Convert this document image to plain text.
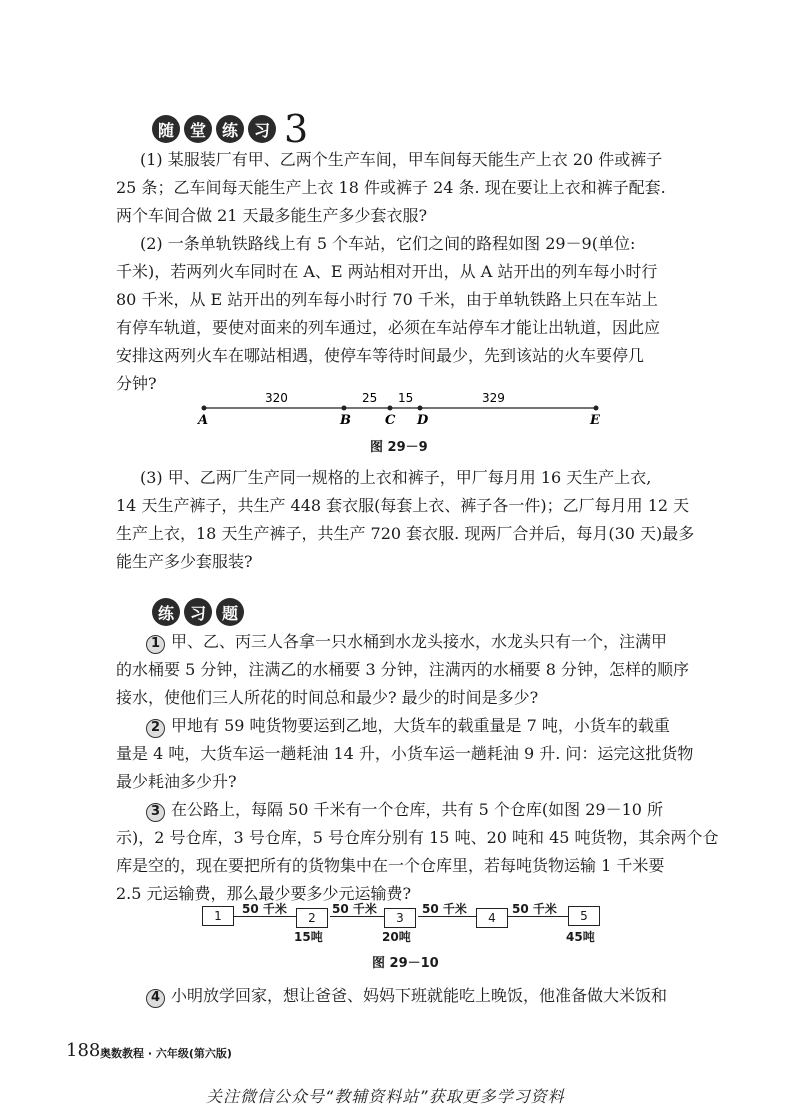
随 堂 练 习 3
(1) 某服装厂有甲、乙两个生产车间，甲车间每天能生产上衣 20 件或裤子
25 条；乙车间每天能生产上衣 18 件或裤子 24 条. 现在要让上衣和裤子配套.
两个车间合做 21 天最多能生产多少套衣服?
(2) 一条单轨铁路线上有 5 个车站，它们之间的路程如图 29－9(单位:
千米)，若两列火车同时在 A、E 两站相对开出，从 A 站开出的列车每小时行
80 千米，从 E 站开出的列车每小时行 70 千米，由于单轨铁路上只在车站上
有停车轨道，要使对面来的列车通过，必须在车站停车才能让出轨道，因此应
安排这两列火车在哪站相遇，使停车等待时间最少，先到该站的火车要停几
分钟?
320	25 15	329
A	B	C D	E
图 29－9
(3) 甲、乙两厂生产同一规格的上衣和裤子，甲厂每月用 16 天生产上衣,
14 天生产裤子，共生产 448 套衣服(每套上衣、裤子各一件)；乙厂每月用 12 天
生产上衣，18 天生产裤子，共生产 720 套衣服. 现两厂合并后，每月(30 天)最多
能生产多少套服装?
练 习 题
1 甲、乙、丙三人各拿一只水桶到水龙头接水，水龙头只有一个，注满甲
的水桶要 5 分钟，注满乙的水桶要 3 分钟，注满丙的水桶要 8 分钟，怎样的顺序
接水，使他们三人所花的时间总和最少? 最少的时间是多少?
2 甲地有 59 吨货物要运到乙地，大货车的载重量是 7 吨，小货车的载重
量是 4 吨，大货车运一趟耗油 14 升，小货车运一趟耗油 9 升. 问：运完这批货物
最少耗油多少升?
3 在公路上，每隔 50 千米有一个仓库，共有 5 个仓库(如图 29－10 所
示)，2 号仓库，3 号仓库，5 号仓库分别有 15 吨、20 吨和 45 吨货物，其余两个仓
库是空的，现在要把所有的货物集中在一个仓库里，若每吨货物运输 1 千米要
2.5 元运输费，那么最少要多少元运输费?
50 千米	50 千米	50 千米	50 千米
1	2	3	4	5
15吨	20吨	45吨
图 29－10
4 小明放学回家，想让爸爸、妈妈下班就能吃上晚饭，他准备做大米饭和
188 奥数教程 · 六年级(第六版)
关注微信公众号“教辅资料站”获取更多学习资料
